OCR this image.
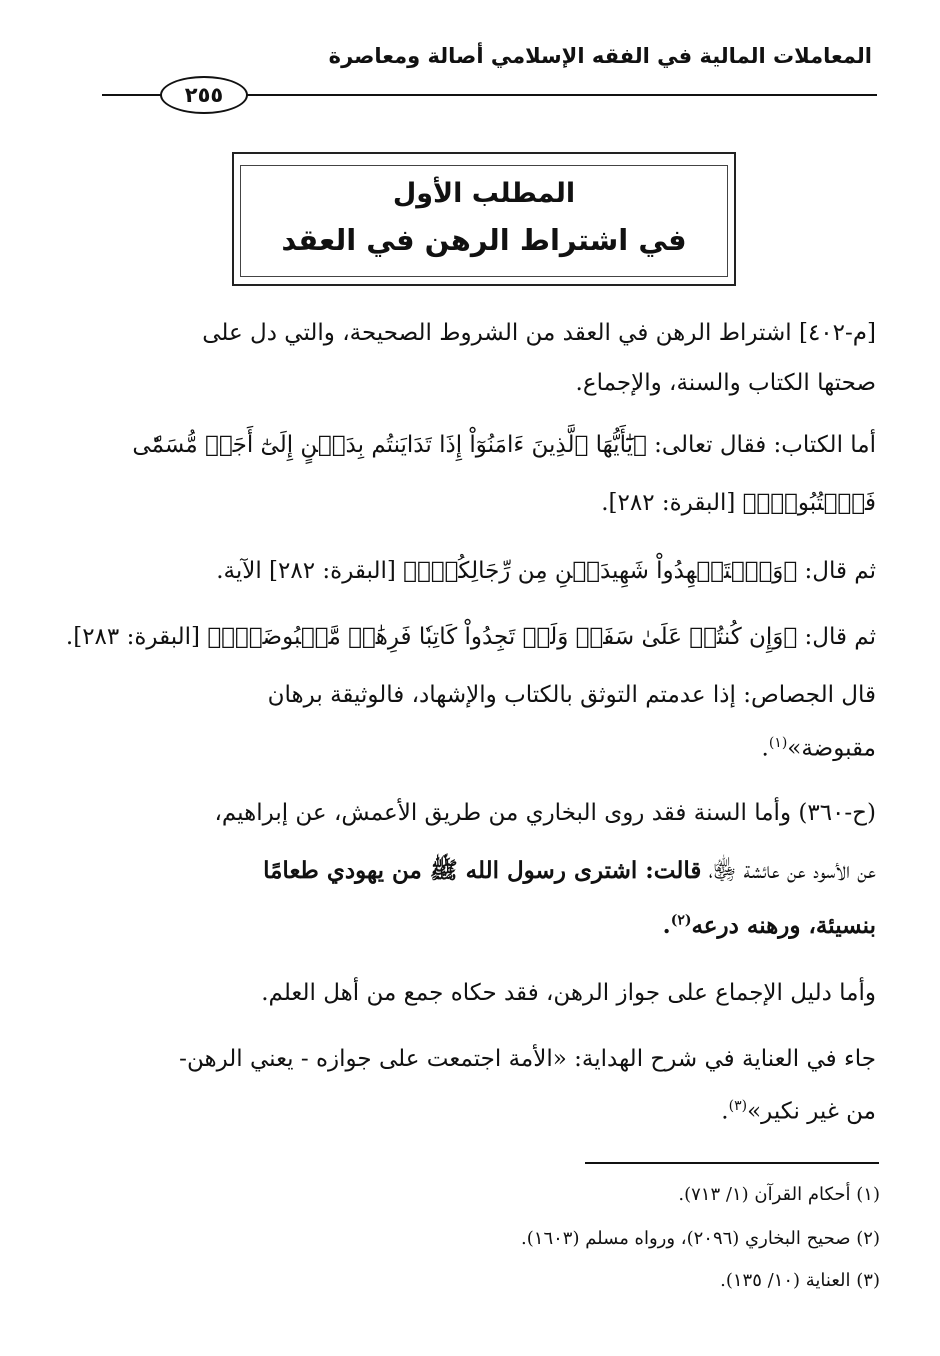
المعاملات المالية في الفقه الإسلامي أصالة ومعاصرة
٢٥٥
المطلب الأول
في اشتراط الرهن في العقد
[م-٤٠٢] اشتراط الرهن في العقد من الشروط الصحيحة، والتي دل على
صحتها الكتاب والسنة، والإجماع.
أما الكتاب: فقال تعالى: ﴿يَٰٓأَيُّهَا ٱلَّذِينَ ءَامَنُوٓاْ إِذَا تَدَايَنتُم بِدَيۡنٍ إِلَىٰٓ أَجَلٖ مُّسَمّٗى
فَٱكۡتُبُوهُۚ﴾ [البقرة: ٢٨٢].
ثم قال: ﴿وَٱسۡتَشۡهِدُواْ شَهِيدَيۡنِ مِن رِّجَالِكُمۡۖ﴾ [البقرة: ٢٨٢] الآية.
ثم قال: ﴿وَإِن كُنتُمۡ عَلَىٰ سَفَرٖ وَلَمۡ تَجِدُواْ كَاتِبٗا فَرِهَٰنٞ مَّقۡبُوضَةٞۖ﴾ [البقرة: ٢٨٣].
قال الجصاص: إذا عدمتم التوثق بالكتاب والإشهاد، فالوثيقة برهان
مقبوضة»$^{(١)}$.
(ح-٣٦٠) وأما السنة فقد روى البخاري من طريق الأعمش، عن إبراهيم،
عن الأسود عن عائشة ﵂، قالت: اشترى رسول الله ﷺ من يهودي طعامًا
بنسيئة، ورهنه درعه$^{(٢)}$.
وأما دليل الإجماع على جواز الرهن، فقد حكاه جمع من أهل العلم.
جاء في العناية في شرح الهداية: «الأمة اجتمعت على جوازه - يعني الرهن-
من غير نكير»$^{(٣)}$.
(١) أحكام القرآن (١/ ٧١٣).
(٢) صحيح البخاري (٢٠٩٦)، ورواه مسلم (١٦٠٣).
(٣) العناية (١٠/ ١٣٥).
